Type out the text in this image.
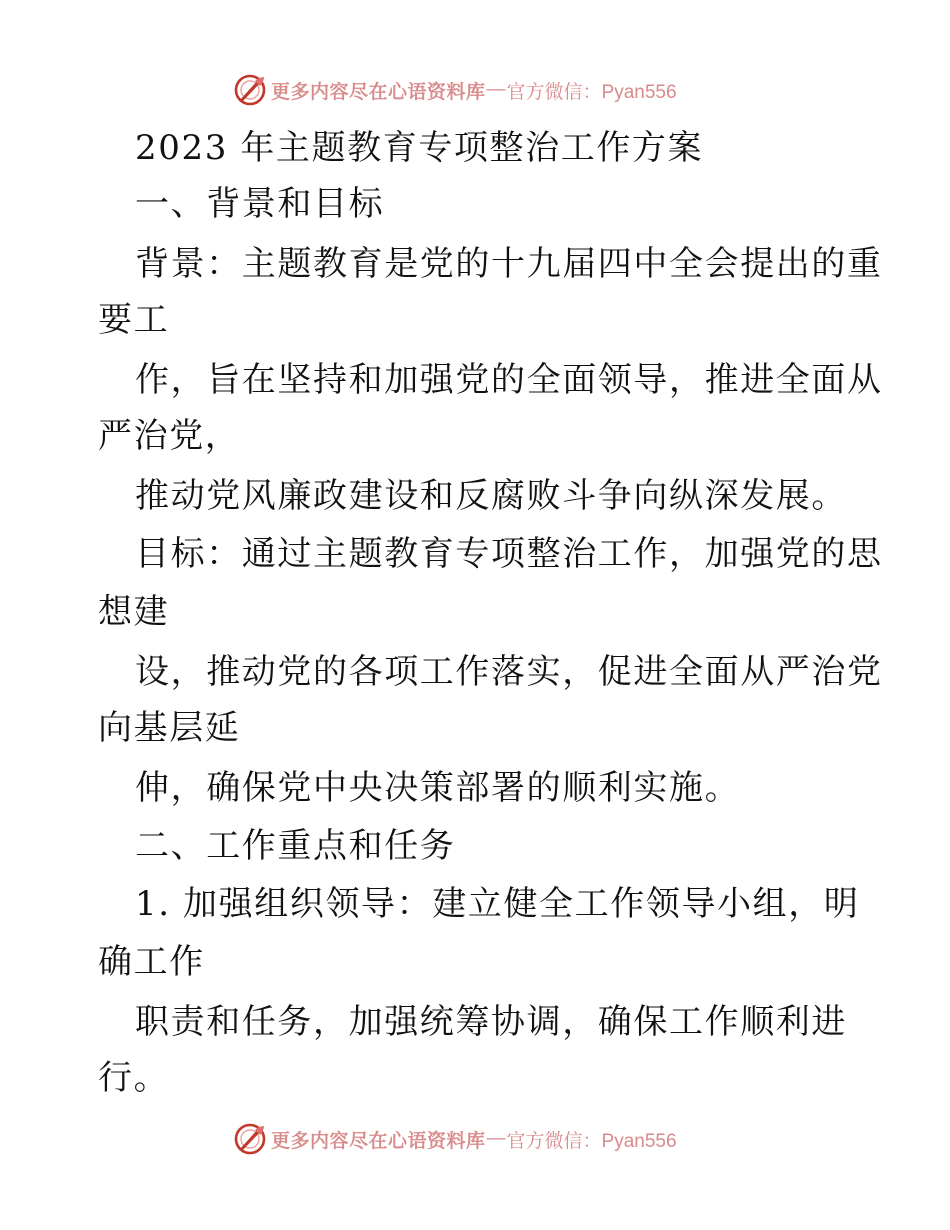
更多内容尽在心语资料库 — 官方微信：Pyan556
2023 年主题教育专项整治工作方案
一、背景和目标
背景：主题教育是党的十九届四中全会提出的重
要工
作，旨在坚持和加强党的全面领导，推进全面从
严治党，
推动党风廉政建设和反腐败斗争向纵深发展。
目标：通过主题教育专项整治工作，加强党的思
想建
设，推动党的各项工作落实，促进全面从严治党
向基层延
伸，确保党中央决策部署的顺利实施。
二、工作重点和任务
1. 加强组织领导：建立健全工作领导小组，明
确工作
职责和任务，加强统筹协调，确保工作顺利进
行。
更多内容尽在心语资料库 — 官方微信：Pyan556
